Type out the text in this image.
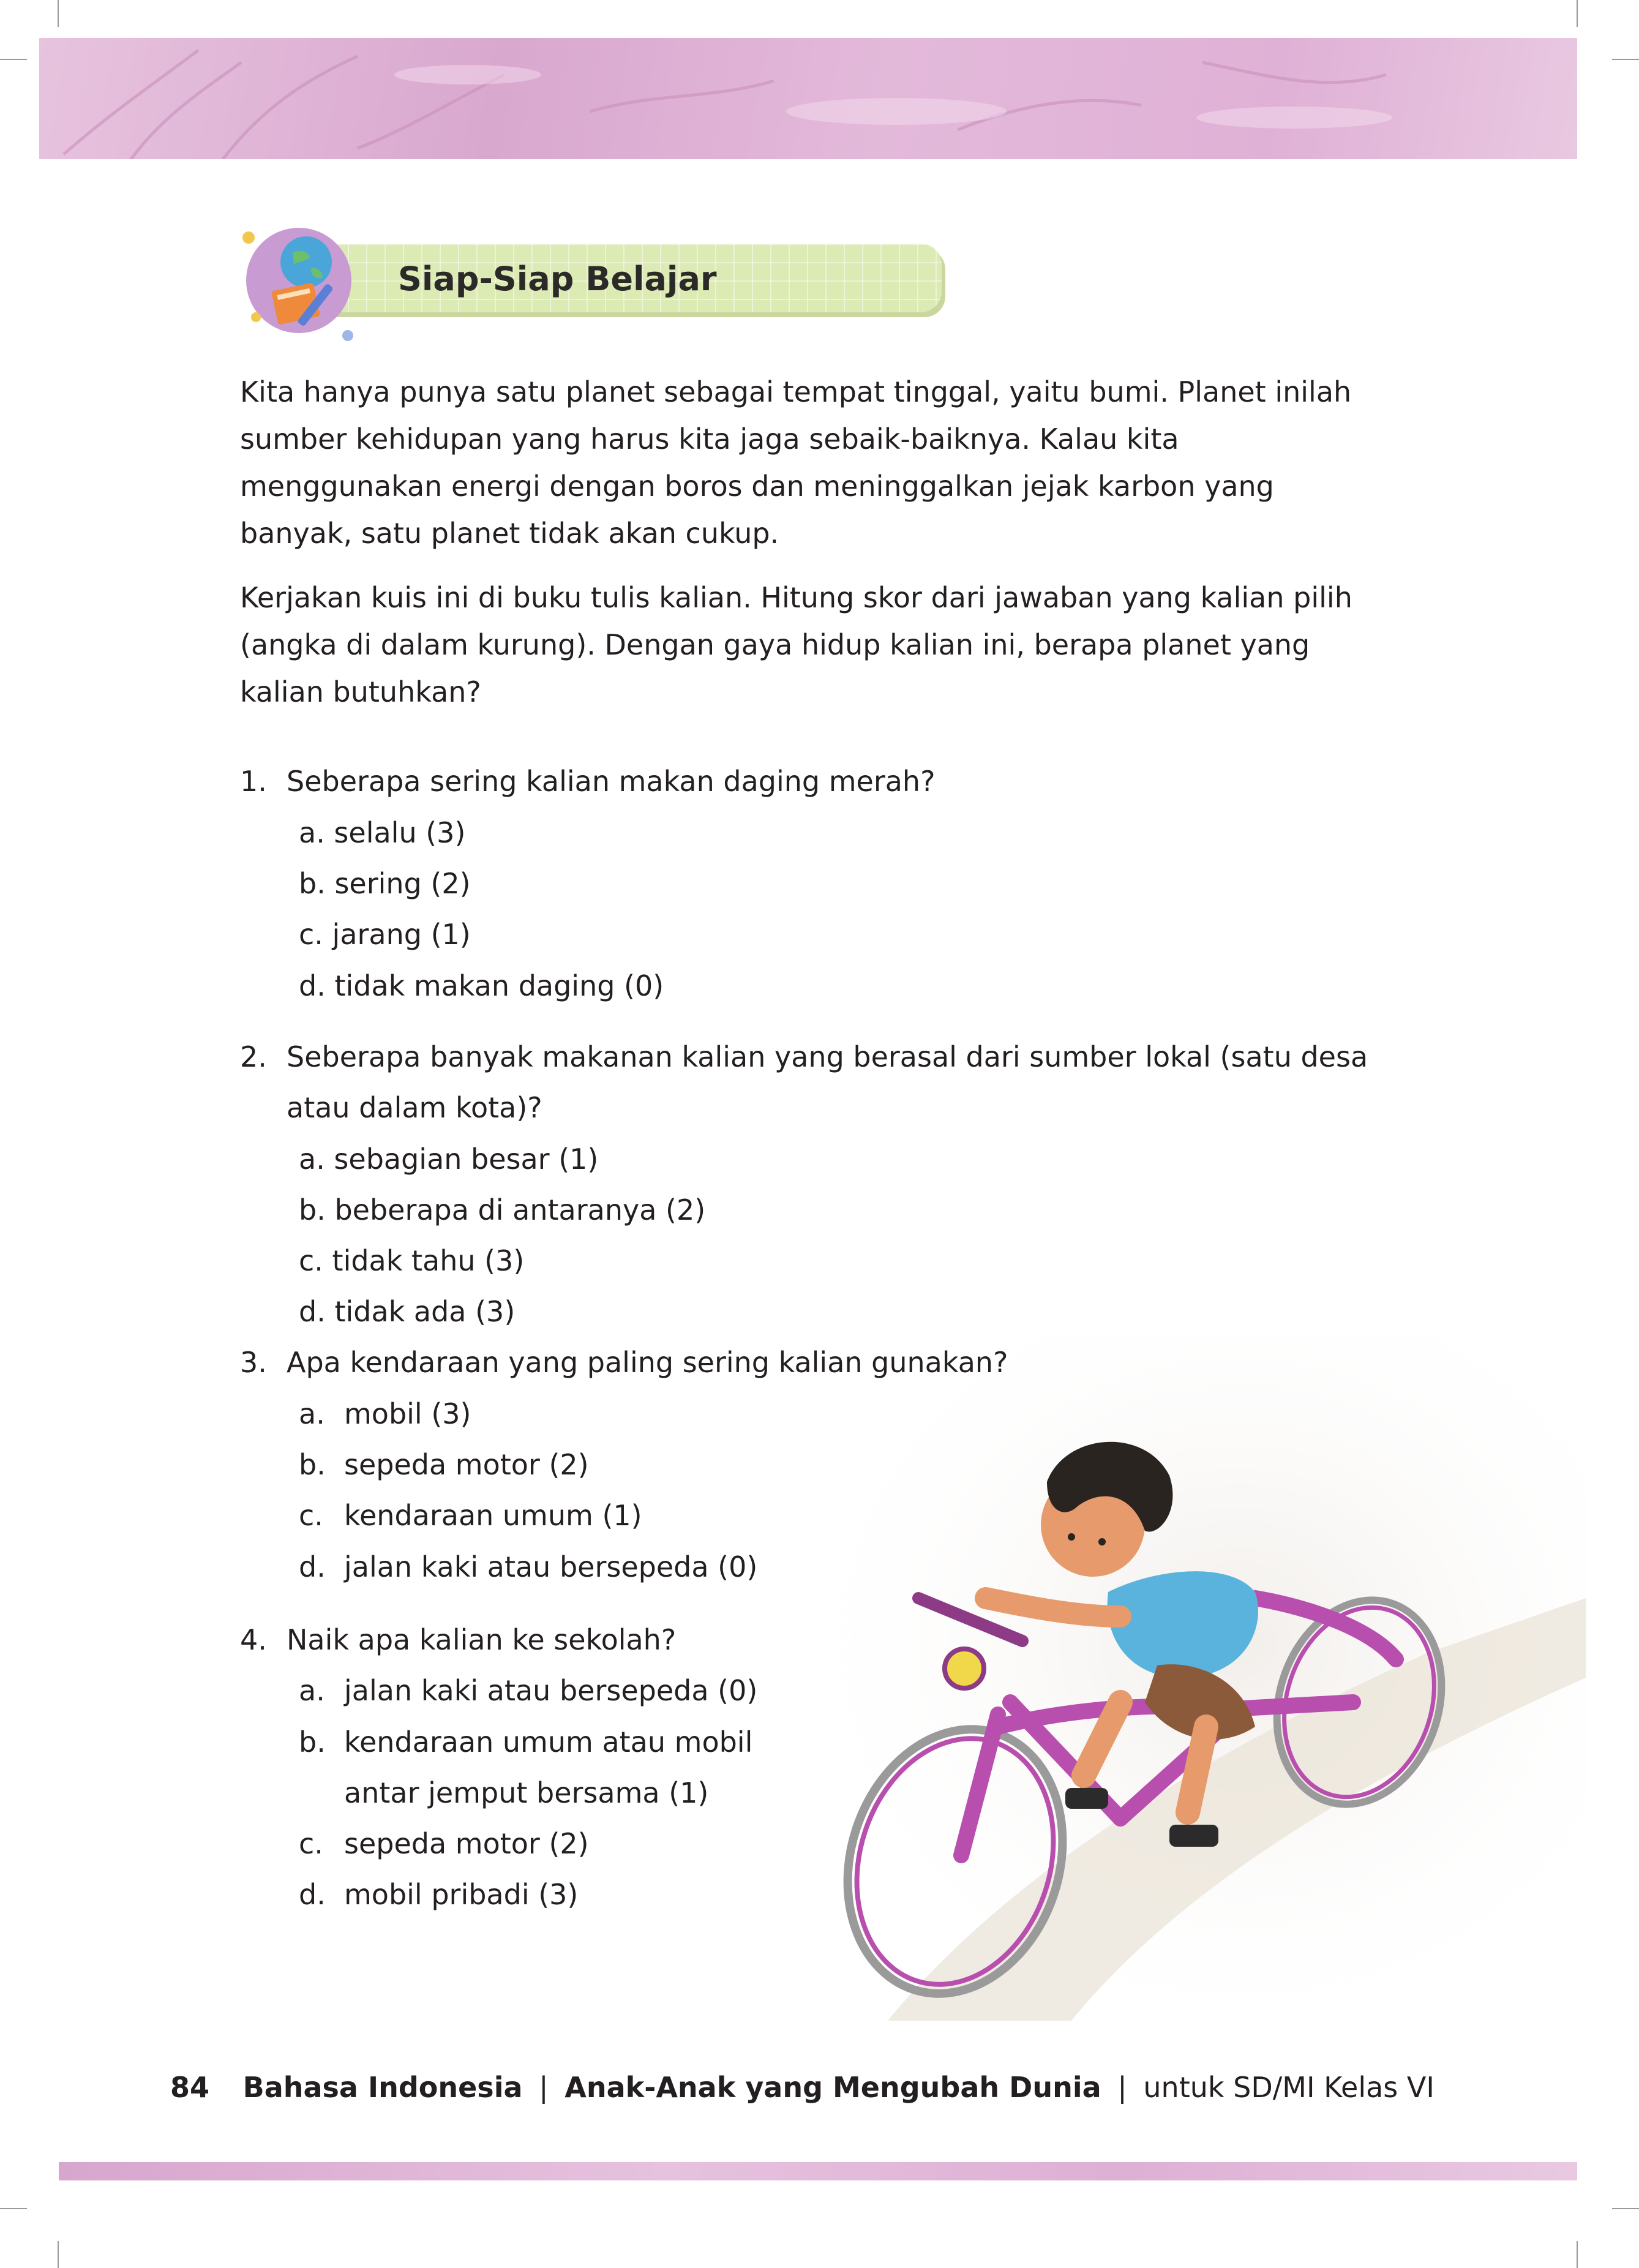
Siap-Siap Belajar

Kita hanya punya satu planet sebagai tempat tinggal, yaitu bumi. Planet inilah sumber kehidupan yang harus kita jaga sebaik-baiknya. Kalau kita menggunakan energi dengan boros dan meninggalkan jejak karbon yang banyak, satu planet tidak akan cukup.

Kerjakan kuis ini di buku tulis kalian. Hitung skor dari jawaban yang kalian pilih (angka di dalam kurung). Dengan gaya hidup kalian ini, berapa planet yang kalian butuhkan?

1. Seberapa sering kalian makan daging merah?
a. selalu (3)
b. sering (2)
c. jarang (1)
d. tidak makan daging (0)
2. Seberapa banyak makanan kalian yang berasal dari sumber lokal (satu desa
atau dalam kota)?
a. sebagian besar (1)
b. beberapa di antaranya (2)
c. tidak tahu (3)
d. tidak ada (3)
3. Apa kendaraan yang paling sering kalian gunakan?
a. mobil (3)
b. sepeda motor (2)
c. kendaraan umum (1)
d. jalan kaki atau bersepeda (0)
4. Naik apa kalian ke sekolah?
a. jalan kaki atau bersepeda (0)
b. kendaraan umum atau mobil
antar jemput bersama (1)
c. sepeda motor (2)
d. mobil pribadi (3)
84 Bahasa Indonesia | Anak-Anak yang Mengubah Dunia | untuk SD/MI Kelas VI
